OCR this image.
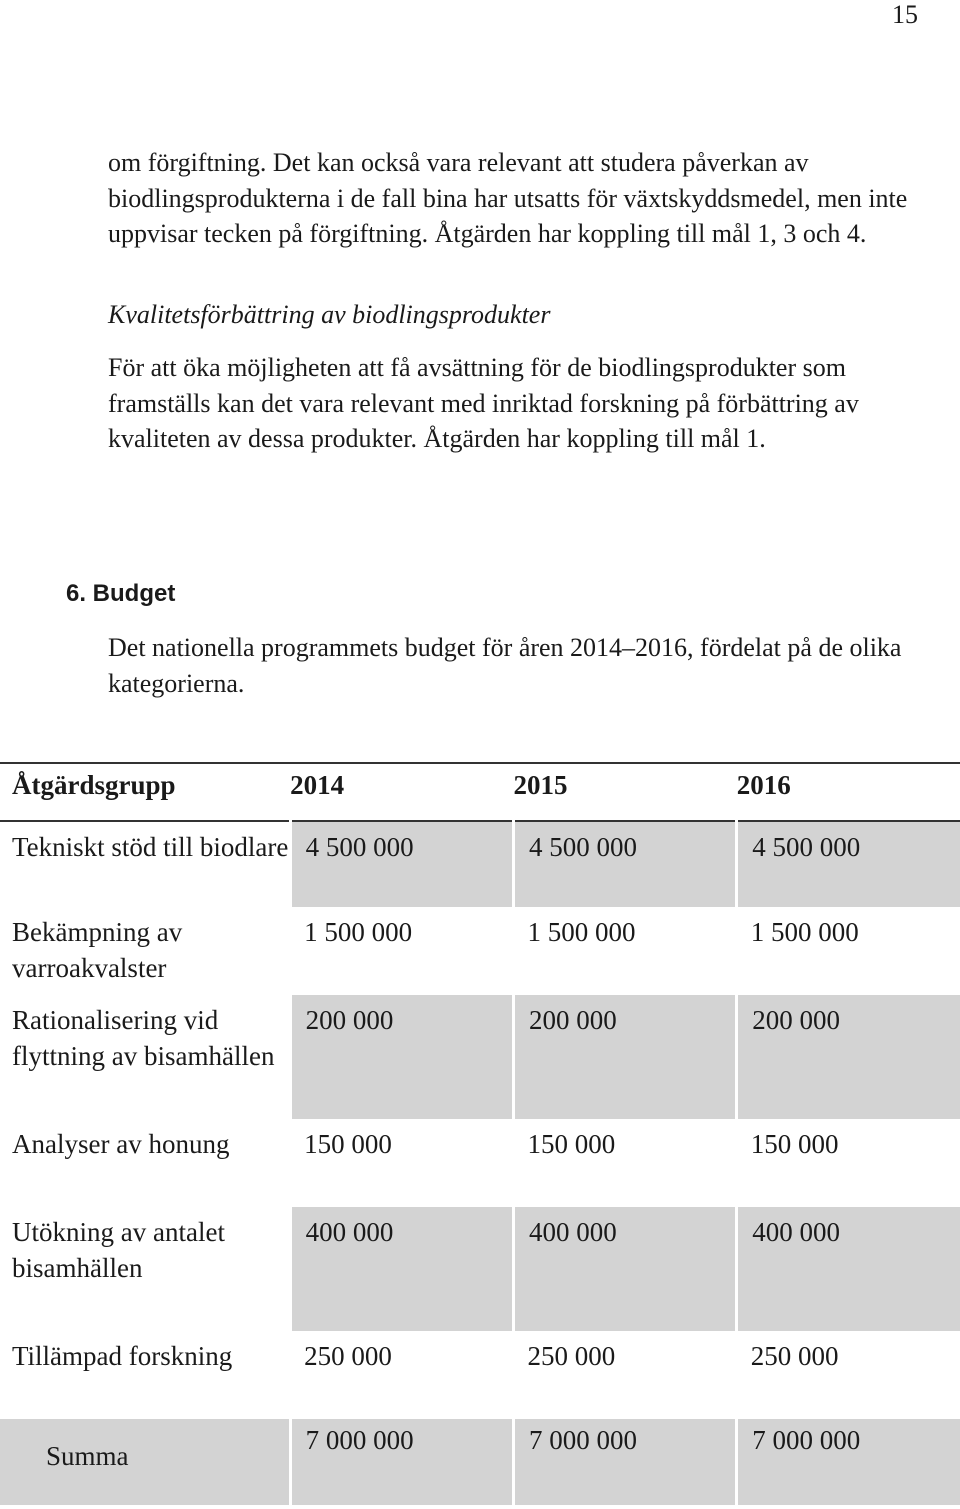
15

om förgiftning. Det kan också vara relevant att studera påverkan av biodlingsprodukterna i de fall bina har utsatts för växtskyddsmedel, men inte uppvisar tecken på förgiftning. Åtgärden har koppling till mål 1, 3 och 4.

Kvalitetsförbättring av biodlingsprodukter

För att öka möjligheten att få avsättning för de biodlingsprodukter som framställs kan det vara relevant med inriktad forskning på förbättring av kvaliteten av dessa produkter. Åtgärden har koppling till mål 1.

6. Budget

Det nationella programmets budget för åren 2014–2016, fördelat på de olika kategorierna.

Åtgärdsgrupp	2014	2015	2016
Tekniskt stöd till biodlare	4 500 000	4 500 000	4 500 000
Bekämpning av varroakvalster	1 500 000	1 500 000	1 500 000
Rationalisering vid flyttning av bisamhällen	200 000	200 000	200 000
Analyser av honung	150 000	150 000	150 000
Utökning av antalet bisamhällen	400 000	400 000	400 000
Tillämpad forskning	250 000	250 000	250 000
Summa	7 000 000	7 000 000	7 000 000
